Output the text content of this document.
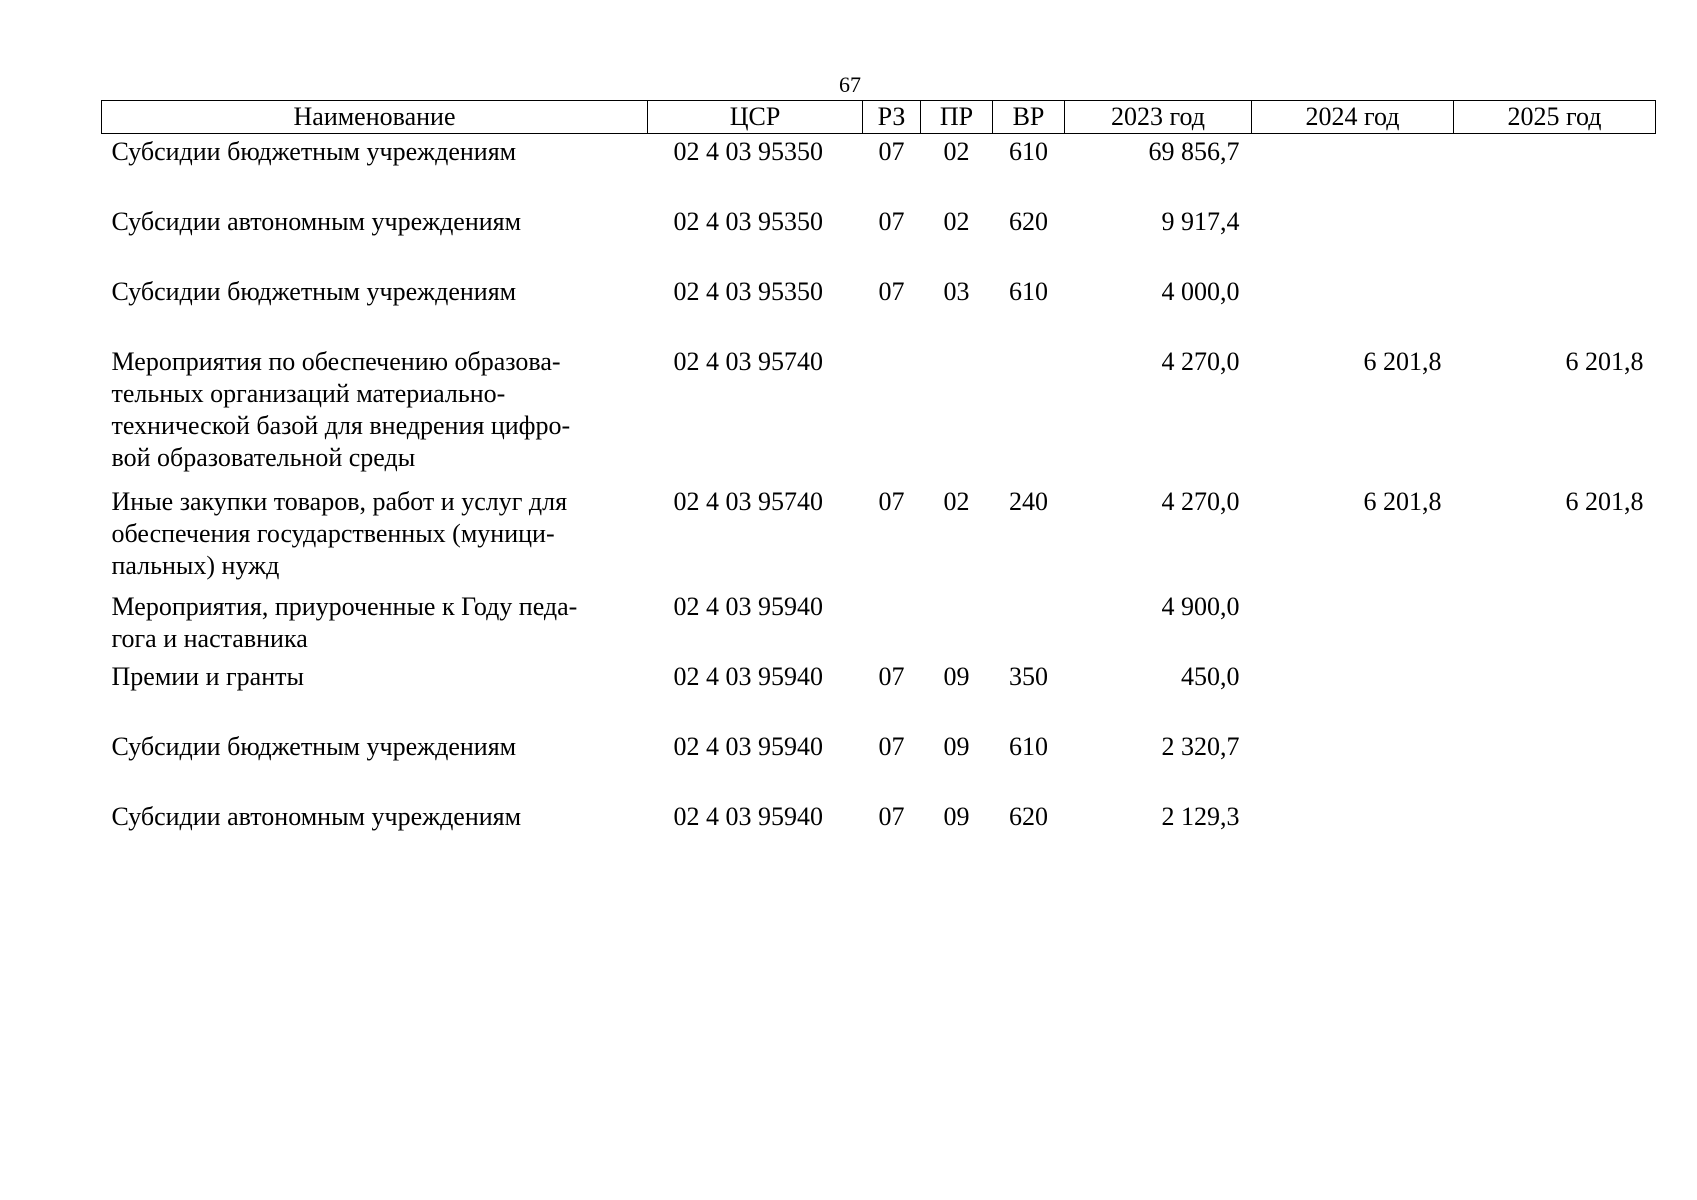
67
Наименование	ЦСР	РЗ	ПР	ВР	2023 год	2024 год	2025 год
Субсидии бюджетным учреждениям	02 4 03 95350	07	02	610	69 856,7		
Субсидии автономным учреждениям	02 4 03 95350	07	02	620	9 917,4		
Субсидии бюджетным учреждениям	02 4 03 95350	07	03	610	4 000,0		
Мероприятия по обеспечению образова-
тельных организаций материально-
технической базой для внедрения цифро-
вой образовательной среды	02 4 03 95740				4 270,0	6 201,8	6 201,8
Иные закупки товаров, работ и услуг для
обеспечения государственных (муници-
пальных) нужд	02 4 03 95740	07	02	240	4 270,0	6 201,8	6 201,8
Мероприятия, приуроченные к Году педа-
гога и наставника	02 4 03 95940				4 900,0		
Премии и гранты	02 4 03 95940	07	09	350	450,0		
Субсидии бюджетным учреждениям	02 4 03 95940	07	09	610	2 320,7		
Субсидии автономным учреждениям	02 4 03 95940	07	09	620	2 129,3		
